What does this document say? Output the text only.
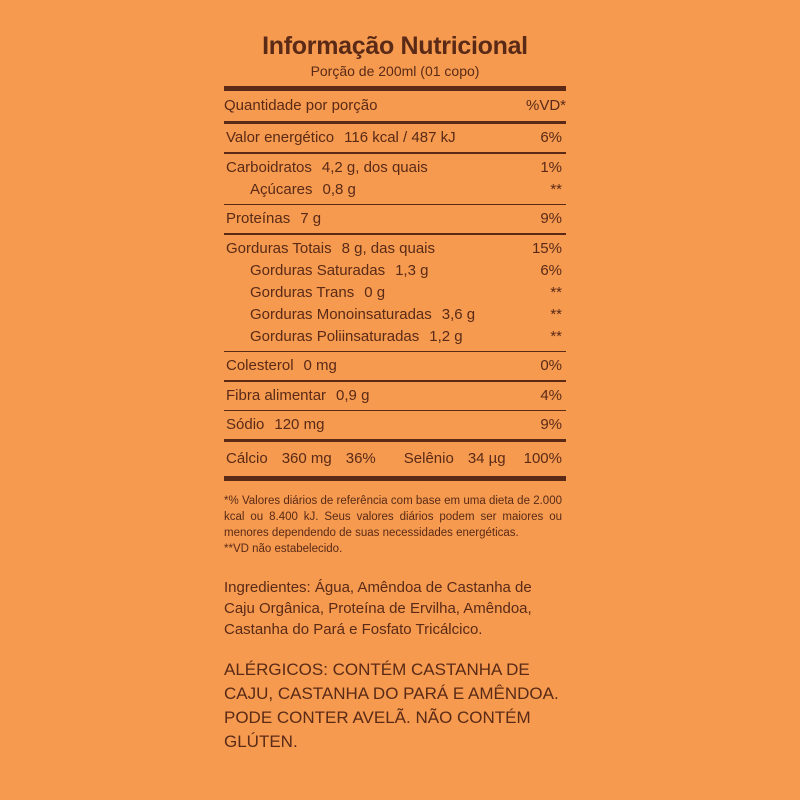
Informação Nutricional

Porção de 200ml (01 copo)

Quantidade por porção	%VD*
Valor energético 116 kcal / 487 kJ	6%
Carboidratos 4,2 g, dos quais	1%
Açúcares 0,8 g	**
Proteínas 7 g	9%
Gorduras Totais 8 g, das quais	15%
Gorduras Saturadas 1,3 g	6%
Gorduras Trans 0 g	**
Gorduras Monoinsaturadas 3,6 g	**
Gorduras Poliinsaturadas 1,2 g	**
Colesterol 0 mg	0%
Fibra alimentar 0,9 g	4%
Sódio 120 mg	9%
Cálcio 360 mg 36% Selênio 34 µg 100%
*% Valores diários de referência com base em uma dieta de 2.000 kcal ou 8.400 kJ. Seus valores diários podem ser maiores ou menores dependendo de suas necessidades energéticas.
**VD não estabelecido.
Ingredientes: Água, Amêndoa de Castanha de Caju Orgânica, Proteína de Ervilha, Amêndoa, Castanha do Pará e Fosfato Tricálcico.
ALÉRGICOS: CONTÉM CASTANHA DE CAJU, CASTANHA DO PARÁ E AMÊNDOA. PODE CONTER AVELÃ. NÃO CONTÉM GLÚTEN.
